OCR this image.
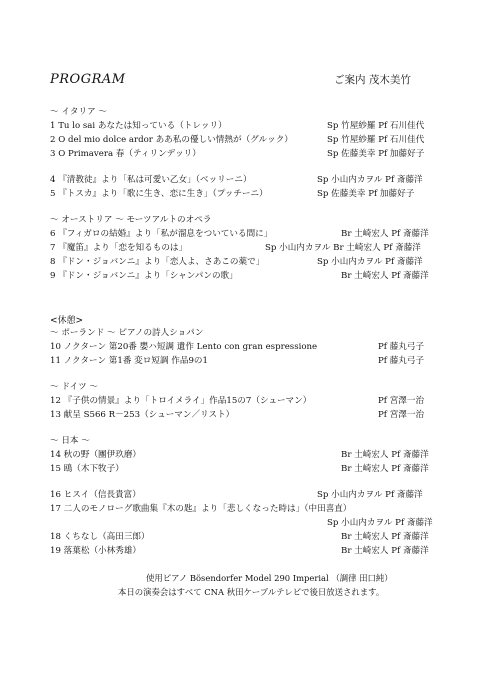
PROGRAM	ご案内 茂木美竹
～ イタリア ～
1 Tu lo sai あなたは知っている（トレッリ）	Sp 竹屋紗羅 Pf 石川佳代
2 O del mio dolce ardor ああ私の優しい情熱が（グルック）	Sp 竹屋紗羅 Pf 石川佳代
3 O Primavera 春（ティリンデッリ）	Sp 佐藤美幸 Pf 加藤好子
4 『清教徒』より「私は可愛い乙女」（ベッリーニ）	Sp 小山内カヲル Pf 斎藤洋
5 『トスカ』より「歌に生き、恋に生き」（プッチーニ）	Sp 佐藤美幸 Pf 加藤好子
～ オーストリア ～ モーツアルトのオペラ
6 『フィガロの結婚』より「私が溜息をついている間に」	Br 土崎宏人 Pf 斎藤洋
7 『魔笛』より「恋を知るものは」	Sp 小山内カヲル Br 土崎宏人 Pf 斎藤洋
8 『ドン・ジョバンニ』より「恋人よ、さあこの薬で」	Sp 小山内カヲル Pf 斎藤洋
9 『ドン・ジョバンニ』より「シャンパンの歌」	Br 土崎宏人 Pf 斎藤洋
<休憩>
～ ポーランド ～ ピアノの詩人ショパン
10 ノクターン 第20番 嬰ハ短調 遺作 Lento con gran espressione	Pf 藤丸弓子
11 ノクターン 第1番 変ロ短調 作品9の1	Pf 藤丸弓子
～ ドイツ ～
12 『子供の情景』より「トロイメライ」作品15の7（シューマン）	Pf 宮澤一治
13 献呈 S566 R－253（シューマン／リスト）	Pf 宮澤一治
～ 日本 ～
14 秋の野（團伊玖磨）	Br 土崎宏人 Pf 斎藤洋
15 鴎（木下牧子）	Br 土崎宏人 Pf 斎藤洋
16 ヒスイ（信長貴富）	Sp 小山内カヲル Pf 斎藤洋
17 二人のモノローグ歌曲集『木の匙』より「悲しくなった時は」（中田喜直）
Sp 小山内カヲル Pf 斎藤洋
18 くちなし（高田三郎）	Br 土崎宏人 Pf 斎藤洋
19 落葉松（小林秀雄）	Br 土崎宏人 Pf 斎藤洋
使用ピアノ Bösendorfer Model 290 Imperial （調律 田口純）
本日の演奏会はすべて CNA 秋田ケーブルテレビで後日放送されます。
